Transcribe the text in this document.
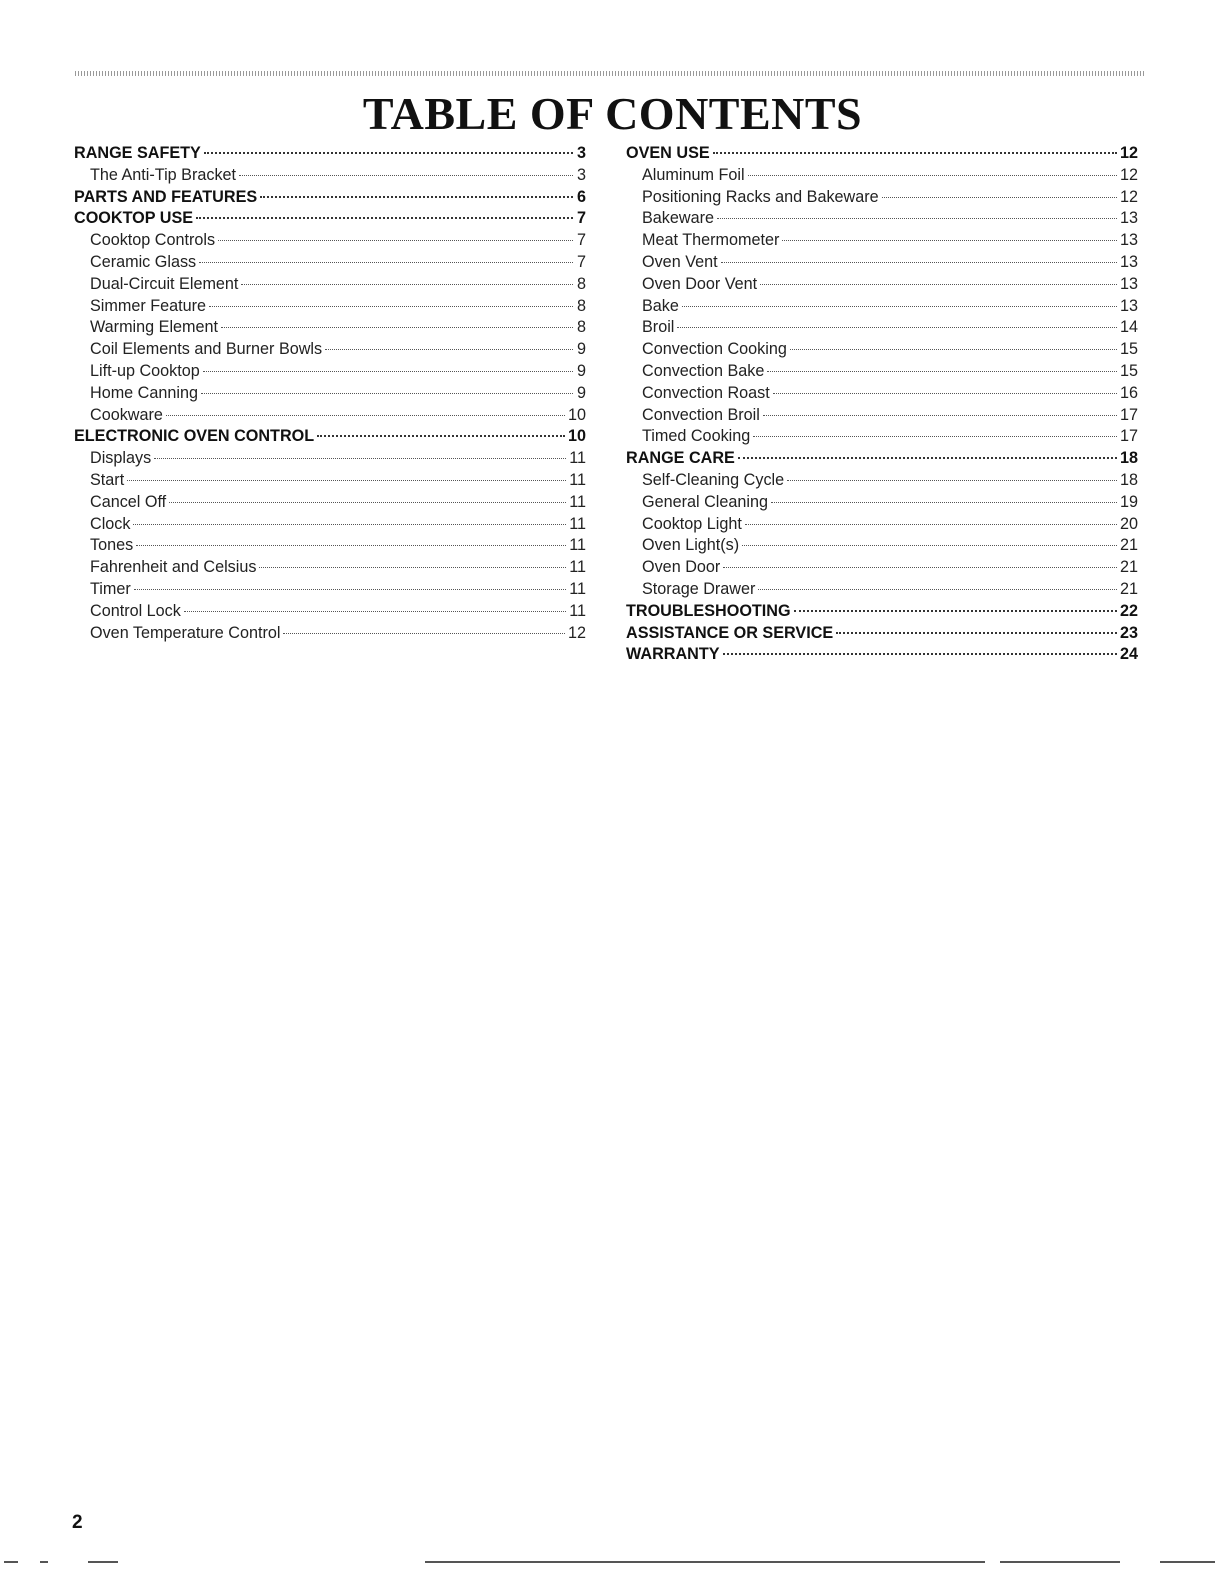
TABLE OF CONTENTS
RANGE SAFETY	3
The Anti-Tip Bracket	3
PARTS AND FEATURES	6
COOKTOP USE	7
Cooktop Controls	7
Ceramic Glass	7
Dual-Circuit Element	8
Simmer Feature	8
Warming Element	8
Coil Elements and Burner Bowls	9
Lift-up Cooktop	9
Home Canning	9
Cookware	10
ELECTRONIC OVEN CONTROL	10
Displays	11
Start	11
Cancel Off	11
Clock	11
Tones	11
Fahrenheit and Celsius	11
Timer	11
Control Lock	11
Oven Temperature Control	12
OVEN USE	12
Aluminum Foil	12
Positioning Racks and Bakeware	12
Bakeware	13
Meat Thermometer	13
Oven Vent	13
Oven Door Vent	13
Bake	13
Broil	14
Convection Cooking	15
Convection Bake	15
Convection Roast	16
Convection Broil	17
Timed Cooking	17
RANGE CARE	18
Self-Cleaning Cycle	18
General Cleaning	19
Cooktop Light	20
Oven Light(s)	21
Oven Door	21
Storage Drawer	21
TROUBLESHOOTING	22
ASSISTANCE OR SERVICE	23
WARRANTY	24
2
